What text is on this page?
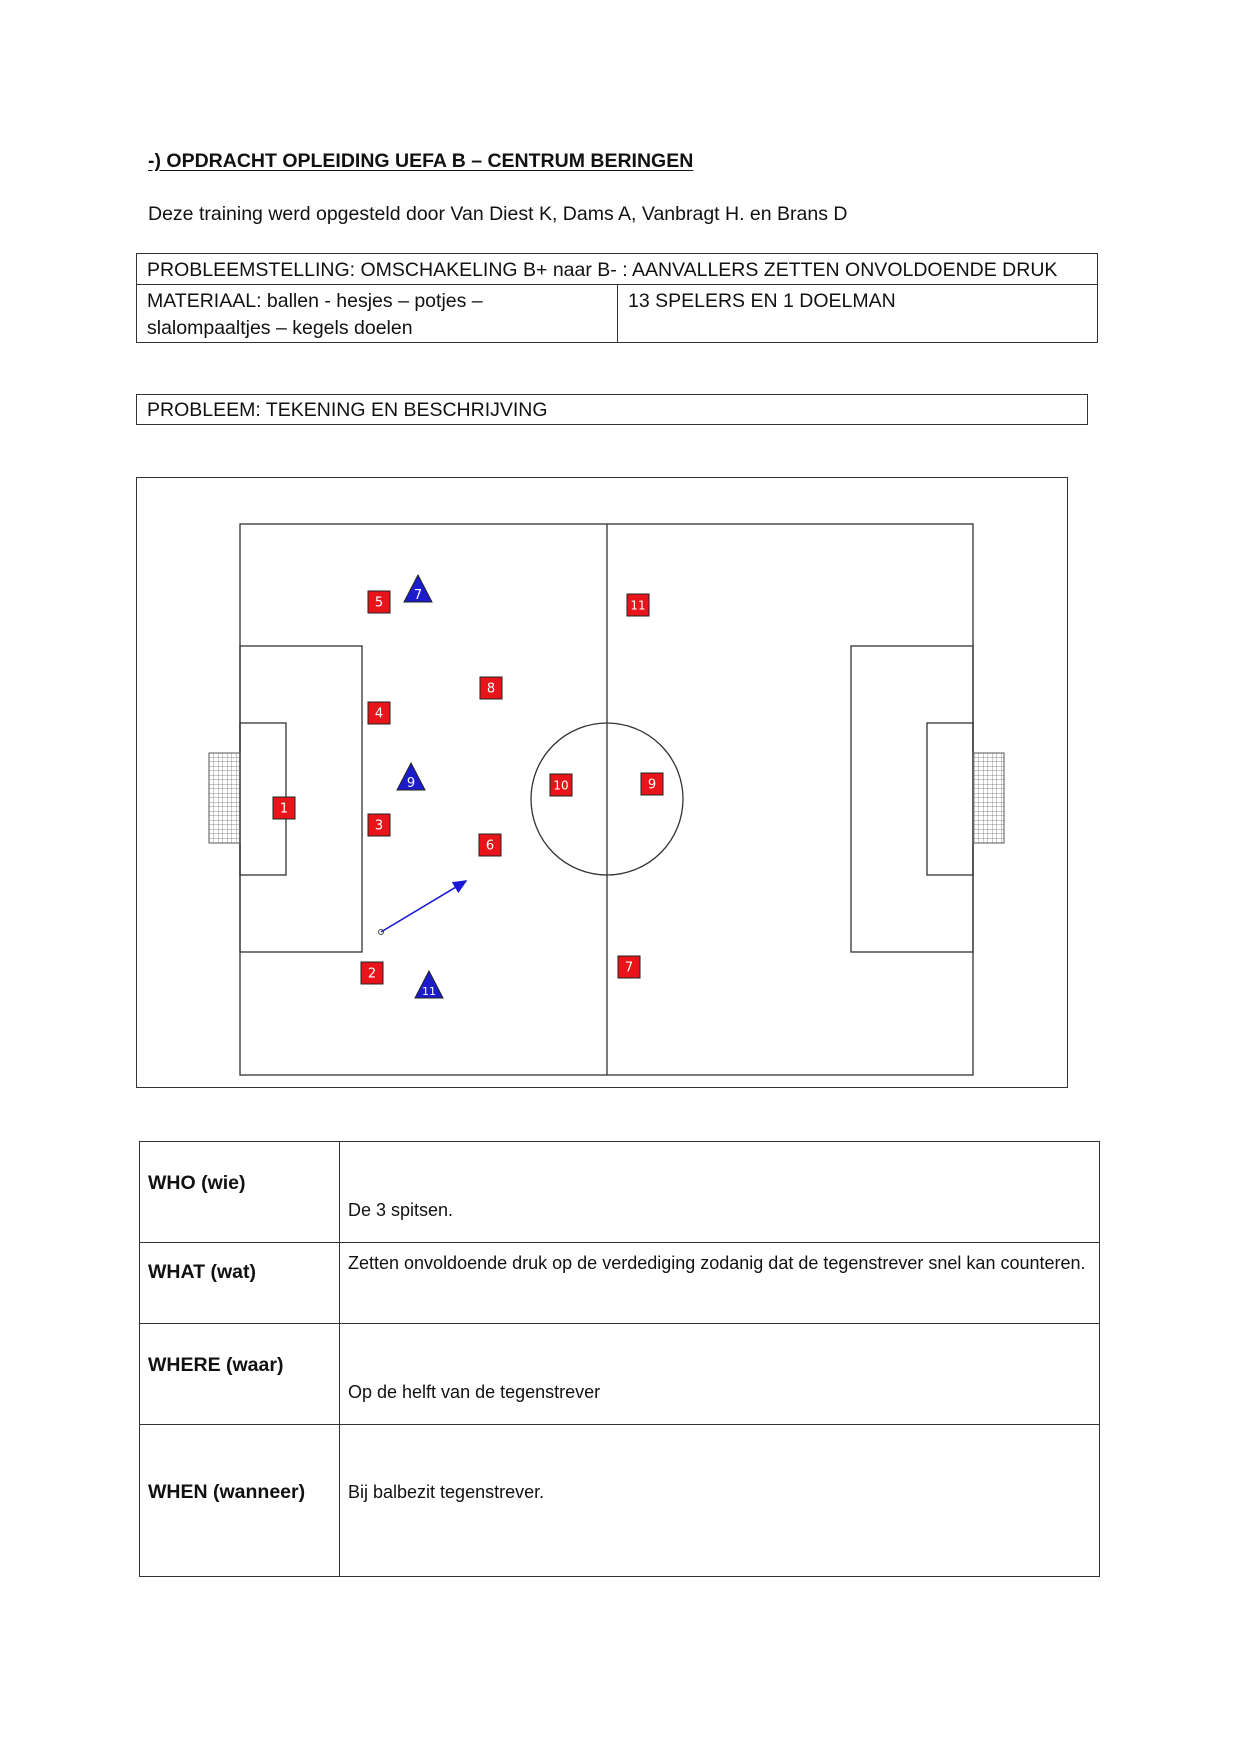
-) OPDRACHT OPLEIDING UEFA B – CENTRUM BERINGEN
Deze training werd opgesteld door Van Diest K, Dams A, Vanbragt H. en Brans D
PROBLEEMSTELLING: OMSCHAKELING B+ naar B- : AANVALLERS ZETTEN ONVOLDOENDE DRUK

MATERIAAL: ballen - hesjes – potjes –
slalompaaltjes – kegels doelen
	13 SPELERS EN 1 DOELMAN
PROBLEEM: TEKENING EN BESCHRIJVING
5
4
1
3
2
8
6
10	9
11
7
7
9
11
WHO (wie)	De 3 spitsen.

WHAT (wat)	Zetten onvoldoende druk op de verdediging zodanig dat de tegenstrever snel kan counteren.

WHERE (waar)	Op de helft van de tegenstrever

WHEN (wanneer)	Bij balbezit tegenstrever.
